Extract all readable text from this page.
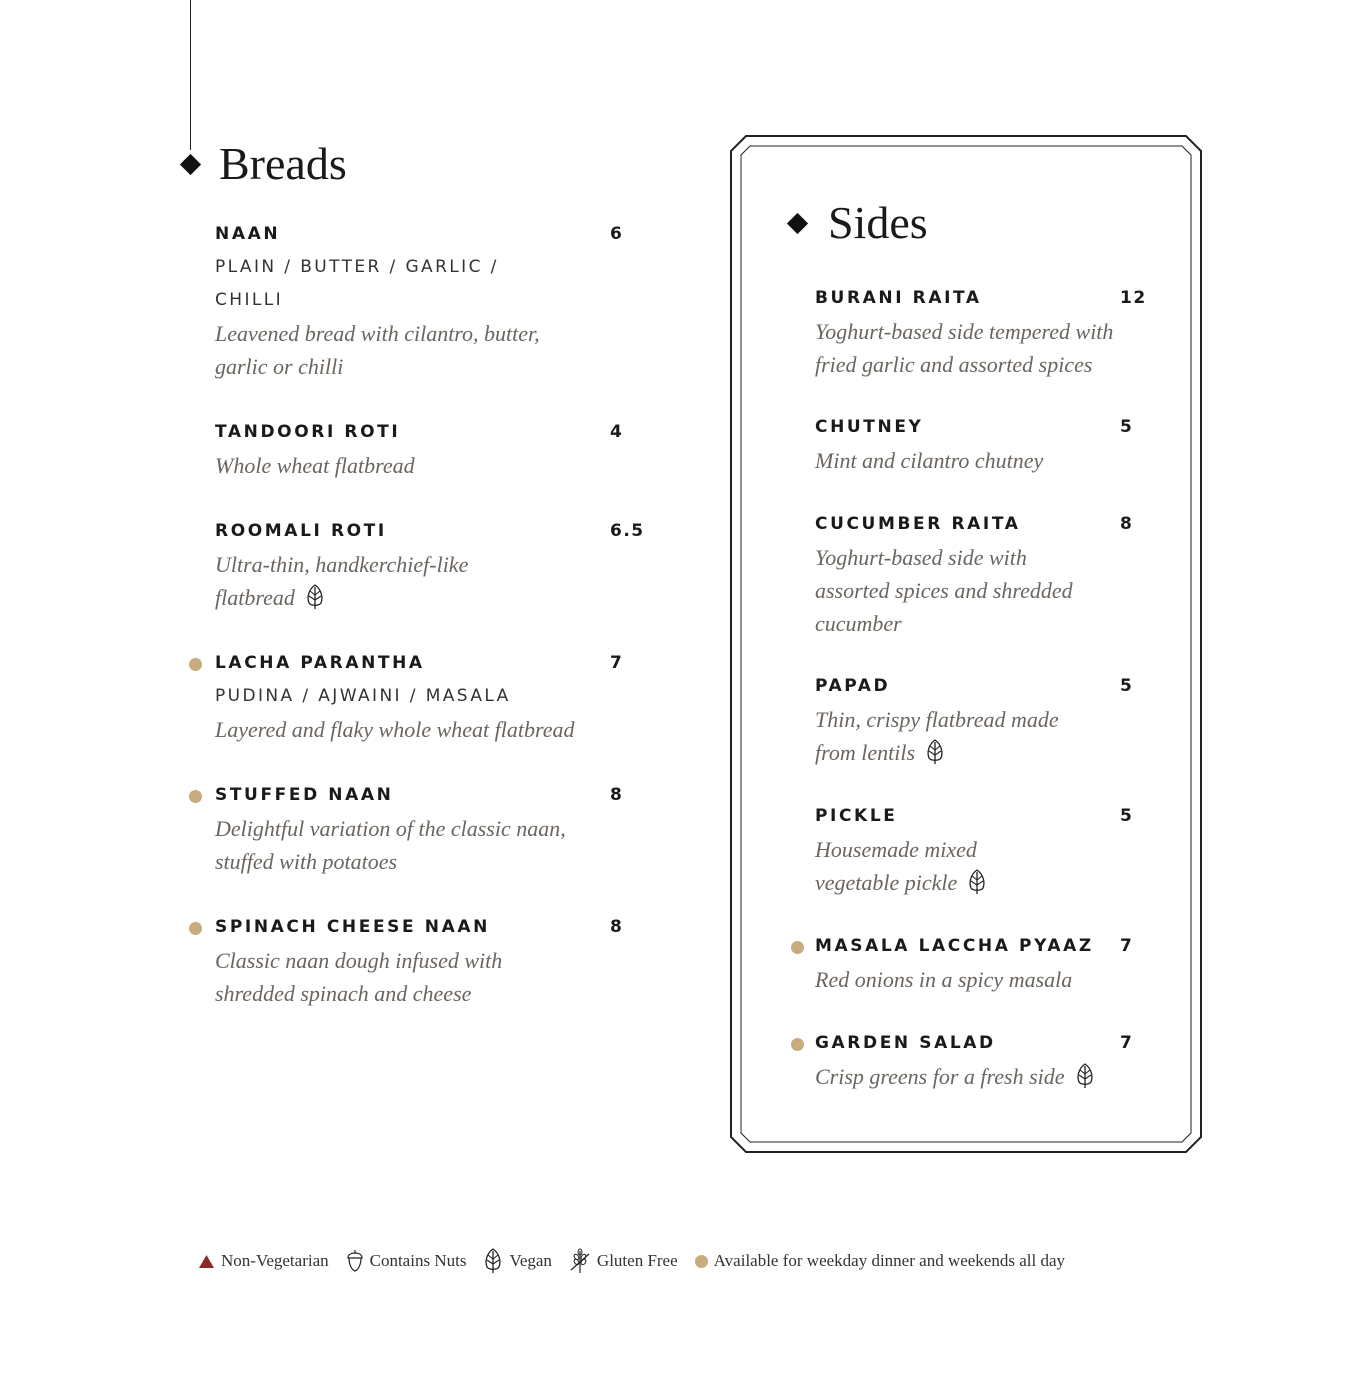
Breads
NAAN
PLAIN / BUTTER / GARLIC / CHILLI
Leavened bread with cilantro, butter, garlic or chilli
6
TANDOORI ROTI
Whole wheat flatbread
4
ROOMALI ROTI
Ultra-thin, handkerchief-like flatbread
6.5
LACHA PARANTHA
PUDINA / AJWAINI / MASALA
Layered and flaky whole wheat flatbread
7
STUFFED NAAN
Delightful variation of the classic naan, stuffed with potatoes
8
SPINACH CHEESE NAAN
Classic naan dough infused with shredded spinach and cheese
8
Sides
BURANI RAITA
Yoghurt-based side tempered with fried garlic and assorted spices
12
CHUTNEY
Mint and cilantro chutney
5
CUCUMBER RAITA
Yoghurt-based side with assorted spices and shredded cucumber
8
PAPAD
Thin, crispy flatbread made from lentils
5
PICKLE
Housemade mixed vegetable pickle
5
MASALA LACCHA PYAAZ
Red onions in a spicy masala
7
GARDEN SALAD
Crisp greens for a fresh side
7
Non-Vegetarian Contains Nuts	Vegan	Gluten Free Available for weekday dinner and weekends all day
